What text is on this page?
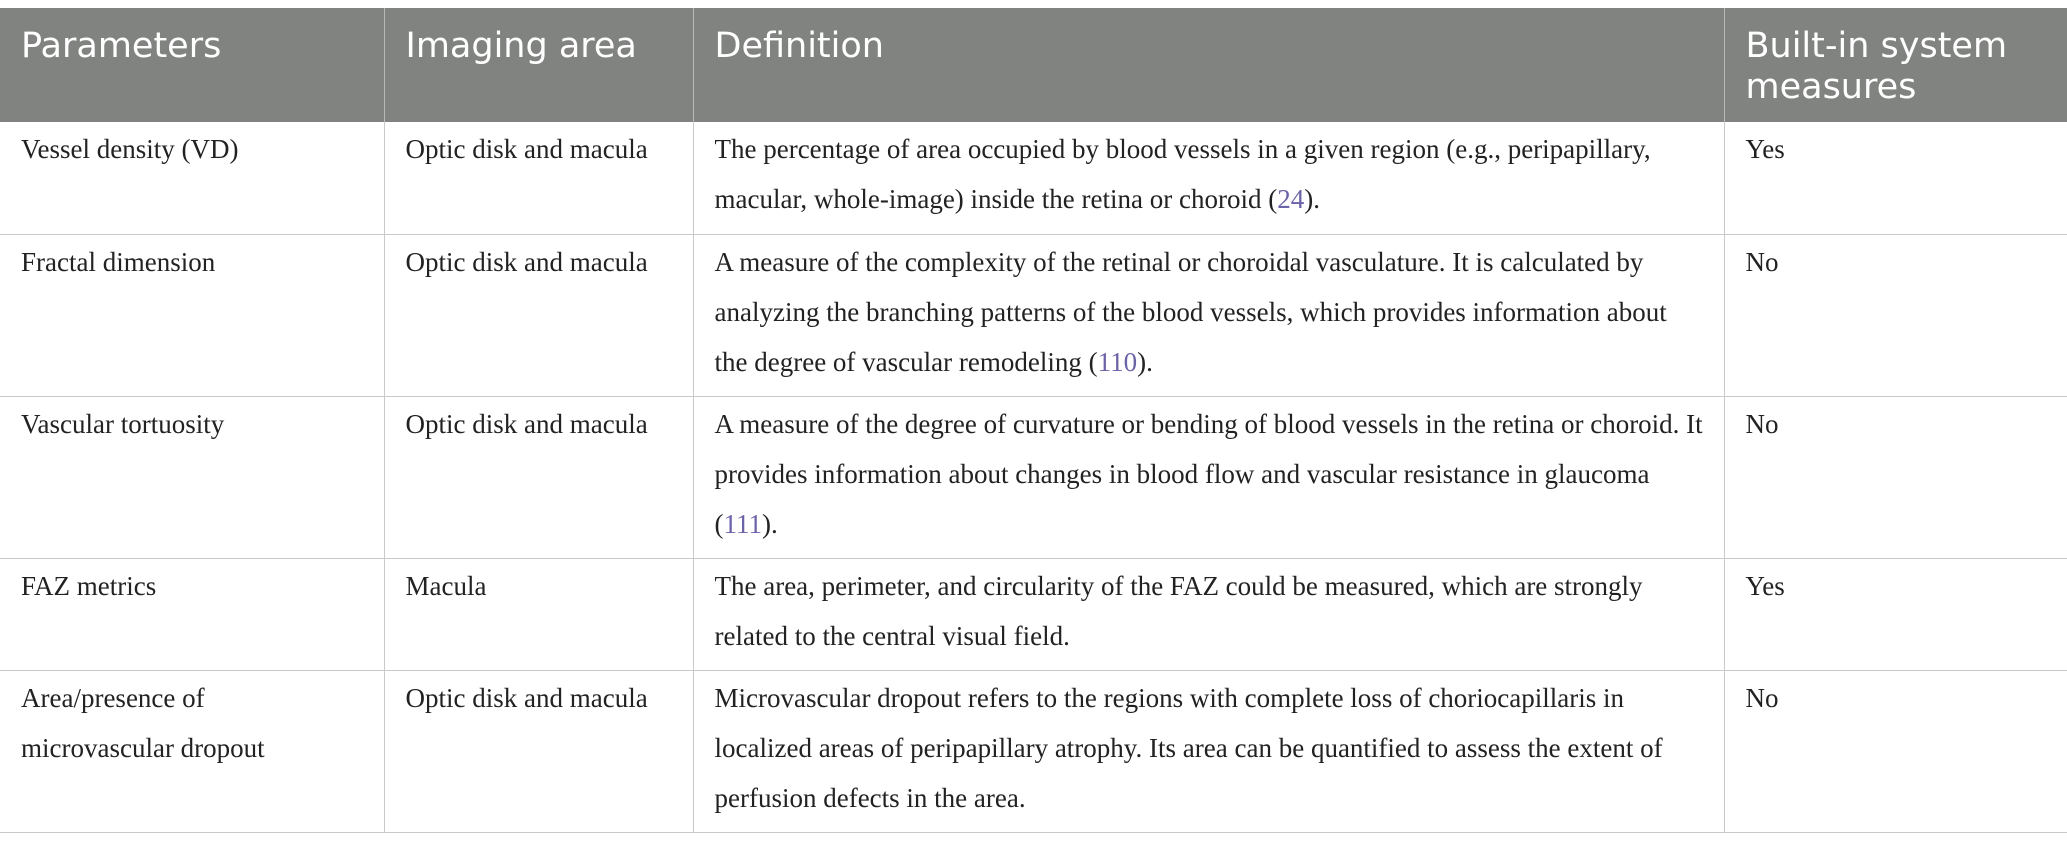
Parameters	Imaging area	Definition	Built-in system measures
Vessel density (VD)	Optic disk and macula	The percentage of area occupied by blood vessels in a given region (e.g., peripapillary, macular, whole-image) inside the retina or choroid (24).	Yes
Fractal dimension	Optic disk and macula	A measure of the complexity of the retinal or choroidal vasculature. It is calculated by analyzing the branching patterns of the blood vessels, which provides information about the degree of vascular remodeling (110).	No
Vascular tortuosity	Optic disk and macula	A measure of the degree of curvature or bending of blood vessels in the retina or choroid. It provides information about changes in blood flow and vascular resistance in glaucoma (111).	No
FAZ metrics	Macula	The area, perimeter, and circularity of the FAZ could be measured, which are strongly related to the central visual field.	Yes
Area/presence of microvascular dropout	Optic disk and macula	Microvascular dropout refers to the regions with complete loss of choriocapillaris in localized areas of peripapillary atrophy. Its area can be quantified to assess the extent of perfusion defects in the area.	No
